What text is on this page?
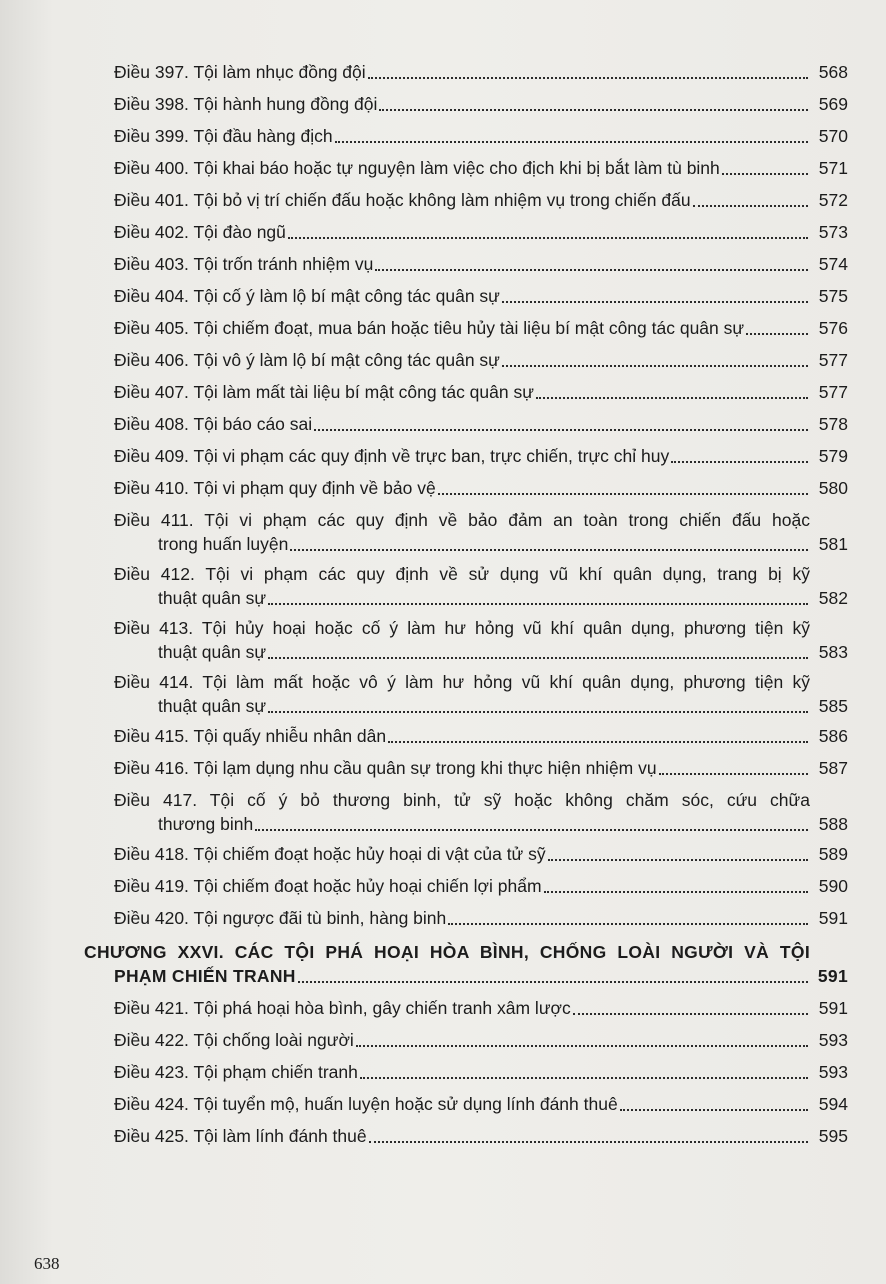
Điều 397. Tội làm nhục đồng đội	568
Điều 398. Tội hành hung đồng đội	569
Điều 399. Tội đầu hàng địch	570
Điều 400. Tội khai báo hoặc tự nguyện làm việc cho địch khi bị bắt làm tù binh	571
Điều 401. Tội bỏ vị trí chiến đấu hoặc không làm nhiệm vụ trong chiến đấu	572
Điều 402. Tội đào ngũ	573
Điều 403. Tội trốn tránh nhiệm vụ	574
Điều 404. Tội cố ý làm lộ bí mật công tác quân sự	575
Điều 405. Tội chiếm đoạt, mua bán hoặc tiêu hủy tài liệu bí mật công tác quân sự	576
Điều 406. Tội vô ý làm lộ bí mật công tác quân sự	577
Điều 407. Tội làm mất tài liệu bí mật công tác quân sự	577
Điều 408. Tội báo cáo sai	578
Điều 409. Tội vi phạm các quy định về trực ban, trực chiến, trực chỉ huy	579
Điều 410. Tội vi phạm quy định về bảo vệ	580
Điều 411. Tội vi phạm các quy định về bảo đảm an toàn trong chiến đấu hoặc
trong huấn luyện	581
Điều 412. Tội vi phạm các quy định về sử dụng vũ khí quân dụng, trang bị kỹ
thuật quân sự	582
Điều 413. Tội hủy hoại hoặc cố ý làm hư hỏng vũ khí quân dụng, phương tiện kỹ
thuật quân sự	583
Điều 414. Tội làm mất hoặc vô ý làm hư hỏng vũ khí quân dụng, phương tiện kỹ
thuật quân sự	585
Điều 415. Tội quấy nhiễu nhân dân	586
Điều 416. Tội lạm dụng nhu cầu quân sự trong khi thực hiện nhiệm vụ	587
Điều 417. Tội cố ý bỏ thương binh, tử sỹ hoặc không chăm sóc, cứu chữa
thương binh	588
Điều 418. Tội chiếm đoạt hoặc hủy hoại di vật của tử sỹ	589
Điều 419. Tội chiếm đoạt hoặc hủy hoại chiến lợi phẩm	590
Điều 420. Tội ngược đãi tù binh, hàng binh	591
CHƯƠNG XXVI. CÁC TỘI PHÁ HOẠI HÒA BÌNH, CHỐNG LOÀI NGƯỜI VÀ TỘI
PHẠM CHIẾN TRANH	591
Điều 421. Tội phá hoại hòa bình, gây chiến tranh xâm lược	591
Điều 422. Tội chống loài người	593
Điều 423. Tội phạm chiến tranh	593
Điều 424. Tội tuyển mộ, huấn luyện hoặc sử dụng lính đánh thuê	594
Điều 425. Tội làm lính đánh thuê	595
638
